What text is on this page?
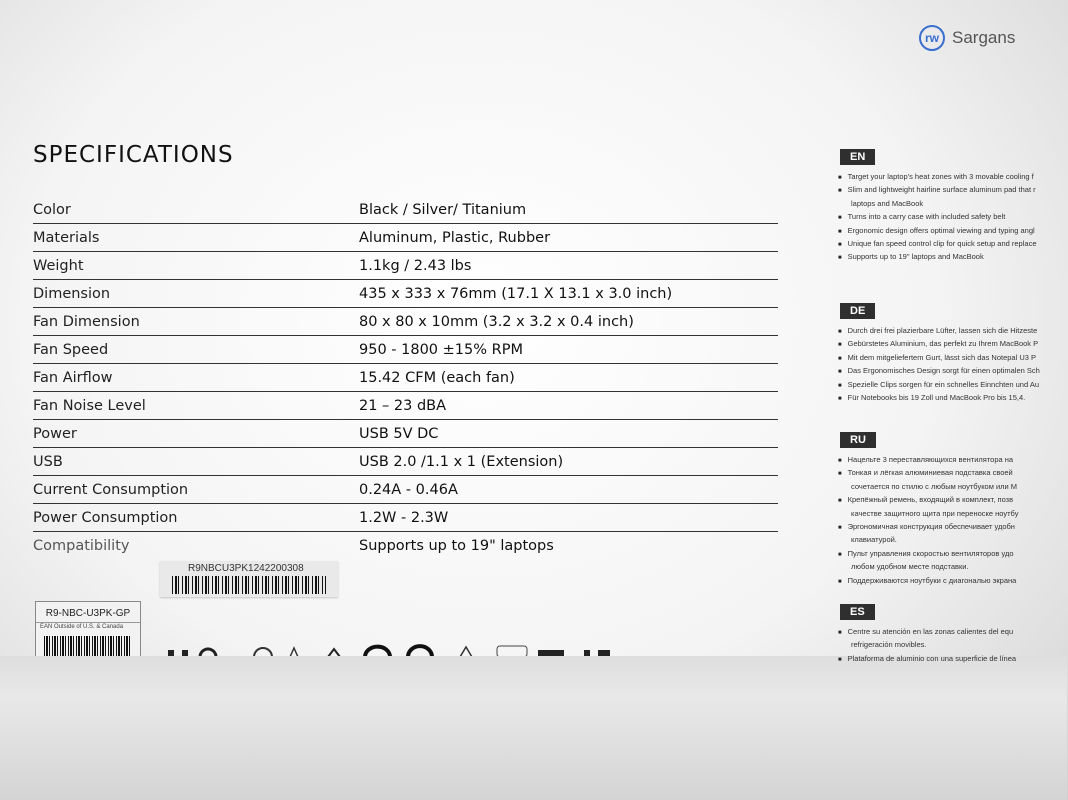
rw Sargans
SPECIFICATIONS
Color	Black / Silver/ Titanium
Materials	Aluminum, Plastic, Rubber
Weight	1.1kg / 2.43 lbs
Dimension	435 x 333 x 76mm (17.1 X 13.1 x 3.0 inch)
Fan Dimension	80 x 80 x 10mm (3.2 x 3.2 x 0.4 inch)
Fan Speed	950 - 1800 ±15% RPM
Fan Airflow	15.42 CFM (each fan)
Fan Noise Level	21 – 23 dBA
Power	USB 5V DC
USB	USB 2.0 /1.1 x 1 (Extension)
Current Consumption	0.24A - 0.46A
Power Consumption	1.2W - 2.3W
Compatibility	Supports up to 19" laptops
R9NBCU3PK1242200308
R9-NBC-U3PK-GP
EAN Outside of U.S. & Canada
EN
■ Target your laptop's heat zones with 3 movable cooling f
■ Slim and lightweight hairline surface aluminum pad that r
laptops and MacBook
■ Turns into a carry case with included safety belt
■ Ergonomic design offers optimal viewing and typing angl
■ Unique fan speed control clip for quick setup and replace
■ Supports up to 19" laptops and MacBook
DE
■ Durch drei frei plazierbare Lüfter, lassen sich die Hitzeste
■ Gebürstetes Aluminium, das perfekt zu Ihrem MacBook P
■ Mit dem mitgeliefertem Gurt, lässt sich das Notepal U3 P
■ Das Ergonomisches Design sorgt für einen optimalen Sch
■ Spezielle Clips sorgen für ein schnelles Einnchten und Au
■ Für Notebooks bis 19 Zoll und MacBook Pro bis 15,4.
RU
■ Нацельте 3 переставляющихся вентилятора на
■ Тонкая и лёгкая алюминиевая подставка своей
сочетается по стилю с любым ноутбуком или M
■ Крепёжный ремень, входящий в комплект, позв
качестве защитного щита при переноске ноутбу
■ Эргономичная конструкция обеспечивает удобн
клавиатурой.
■ Пульт управления скоростью вентиляторов удо
любом удобном месте подставки.
■ Поддерживаются ноутбуки с диагональю экрана
ES
■ Centre su atención en las zonas calientes del equ
refrigeración movibles.
■ Plataforma de aluminio con una superficie de línea
